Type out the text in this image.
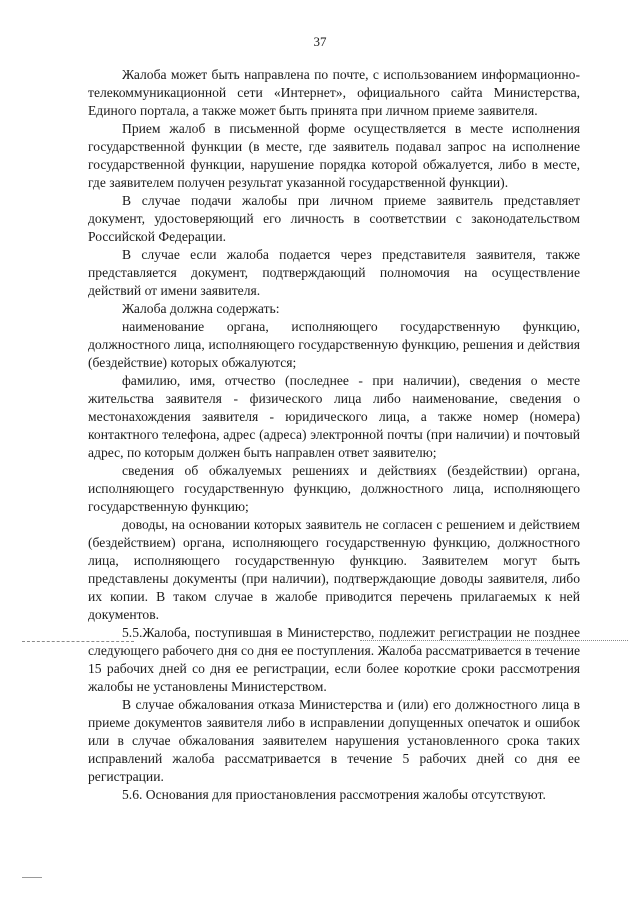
37

Жалоба может быть направлена по почте, с использованием информационно-телекоммуникационной сети «Интернет», официального сайта Министерства, Единого портала, а также может быть принята при личном приеме заявителя.

Прием жалоб в письменной форме осуществляется в месте исполнения государственной функции (в месте, где заявитель подавал запрос на исполнение государственной функции, нарушение порядка которой обжалуется, либо в месте, где заявителем получен результат указанной государственной функции).

В случае подачи жалобы при личном приеме заявитель представляет документ, удостоверяющий его личность в соответствии с законодательством Российской Федерации.

В случае если жалоба подается через представителя заявителя, также представляется документ, подтверждающий полномочия на осуществление действий от имени заявителя.

Жалоба должна содержать:

наименование органа, исполняющего государственную функцию, должностного лица, исполняющего государственную функцию, решения и действия (бездействие) которых обжалуются;

фамилию, имя, отчество (последнее - при наличии), сведения о месте жительства заявителя - физического лица либо наименование, сведения о местонахождения заявителя - юридического лица, а также номер (номера) контактного телефона, адрес (адреса) электронной почты (при наличии) и почтовый адрес, по которым должен быть направлен ответ заявителю;

сведения об обжалуемых решениях и действиях (бездействии) органа, исполняющего государственную функцию, должностного лица, исполняющего государственную функцию;

доводы, на основании которых заявитель не согласен с решением и действием (бездействием) органа, исполняющего государственную функцию, должностного лица, исполняющего государственную функцию. Заявителем могут быть представлены документы (при наличии), подтверждающие доводы заявителя, либо их копии. В таком случае в жалобе приводится перечень прилагаемых к ней документов.

5.5.Жалоба, поступившая в Министерство, подлежит регистрации не позднее следующего рабочего дня со дня ее поступления. Жалоба рассматривается в течение 15 рабочих дней со дня ее регистрации, если более короткие сроки рассмотрения жалобы не установлены Министерством.

В случае обжалования отказа Министерства и (или) его должностного лица в приеме документов заявителя либо в исправлении допущенных опечаток и ошибок или в случае обжалования заявителем нарушения установленного срока таких исправлений жалоба рассматривается в течение 5 рабочих дней со дня ее регистрации.

5.6. Основания для приостановления рассмотрения жалобы отсутствуют.
